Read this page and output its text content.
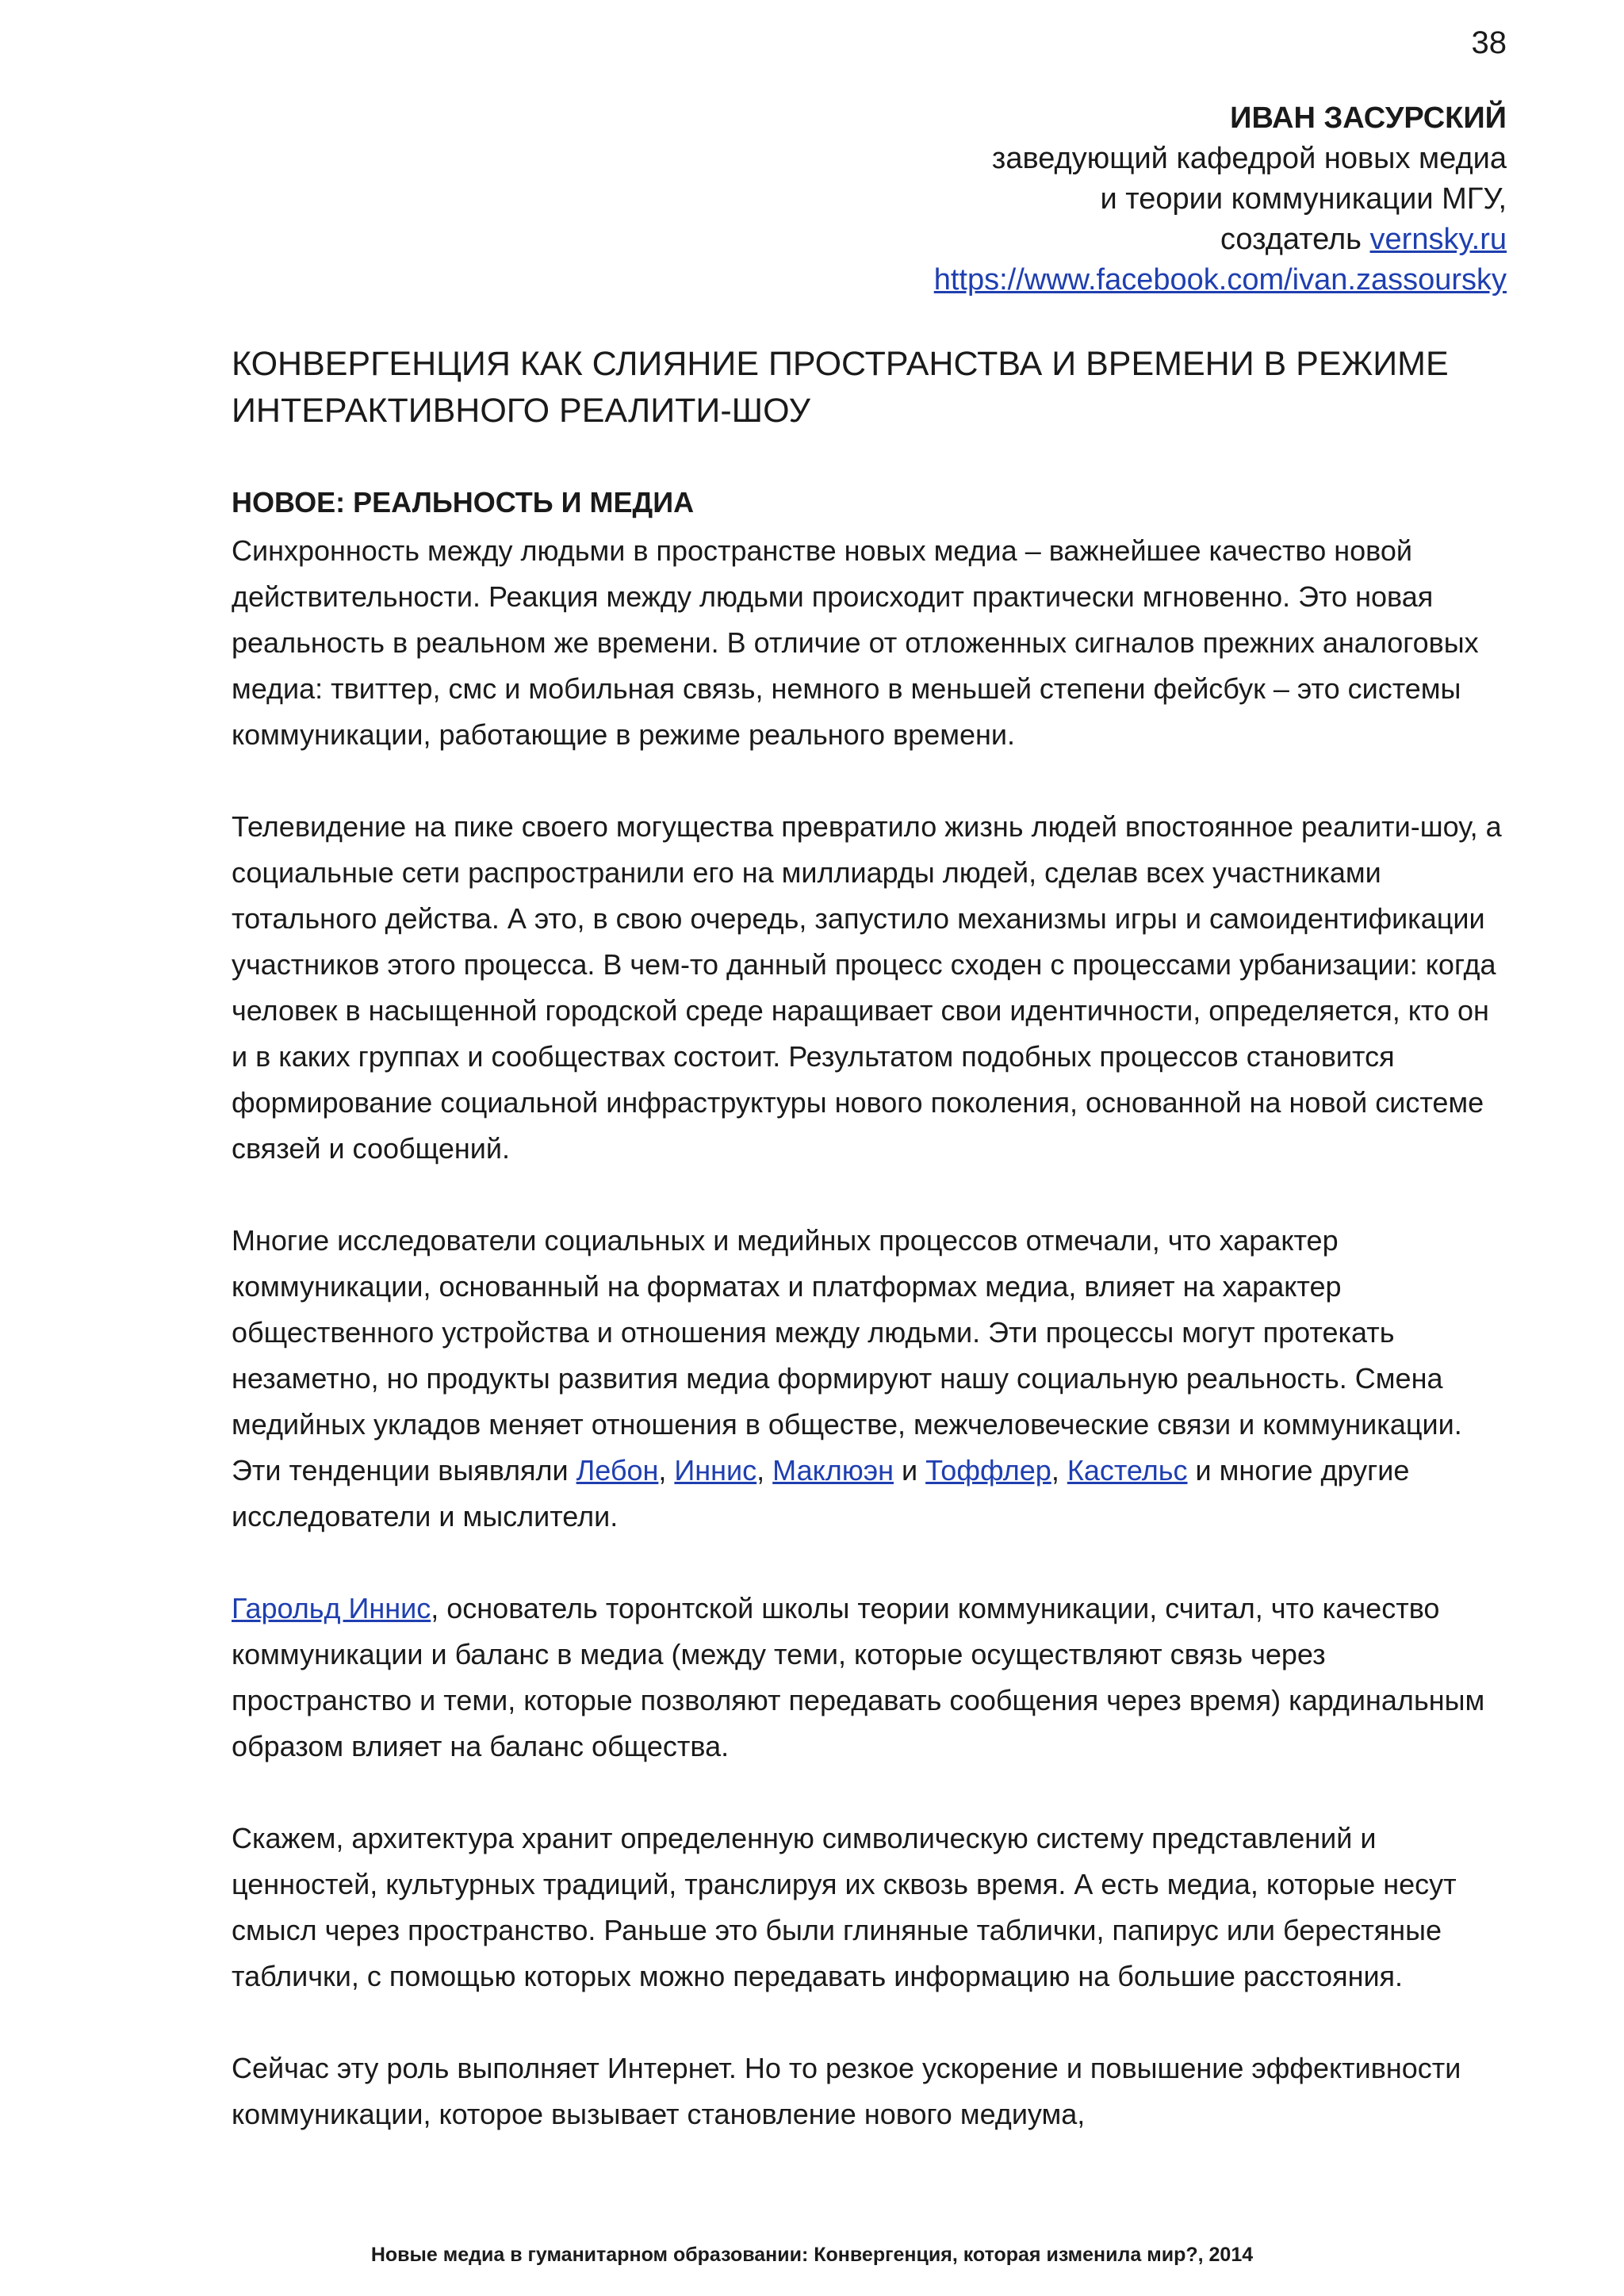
38
ИВАН ЗАСУРСКИЙ
заведующий кафедрой новых медиа
и теории коммуникации МГУ,
создатель vernsky.ru
https://www.facebook.com/ivan.zassoursky
КОНВЕРГЕНЦИЯ КАК СЛИЯНИЕ ПРОСТРАНСТВА И ВРЕМЕНИ В РЕЖИМЕ
ИНТЕРАКТИВНОГО РЕАЛИТИ-ШОУ
НОВОЕ: РЕАЛЬНОСТЬ И МЕДИА

Синхронность между людьми в пространстве новых медиа – важнейшее качество новой действительности. Реакция между людьми происходит практически мгновенно. Это новая реальность в реальном же времени. В отличие от отложенных сигналов прежних аналоговых медиа: твиттер, смс и мобильная связь, немного в меньшей степени фейсбук – это системы коммуникации, работающие в режиме реального времени.

Телевидение на пике своего могущества превратило жизнь людей впостоянное реалити-шоу, а социальные сети распространили его на миллиарды людей, сделав всех участниками тотального действа. А это, в свою очередь, запустило механизмы игры и самоидентификации участников этого процесса. В чем-то данный процесс сходен с процессами урбанизации: когда человек в насыщенной городской среде наращивает свои идентичности, определяется, кто он и в каких группах и сообществах состоит. Результатом подобных процессов становится формирование социальной инфраструктуры нового поколения, основанной на новой системе связей и сообщений.

Многие исследователи социальных и медийных процессов отмечали, что характер коммуникации, основанный на форматах и платформах медиа, влияет на характер общественного устройства и отношения между людьми. Эти процессы могут протекать незаметно, но продукты развития медиа формируют нашу социальную реальность. Смена медийных укладов меняет отношения в обществе, межчеловеческие связи и коммуникации. Эти тенденции выявляли Лебон, Иннис, Маклюэн и Тоффлер, Кастельс и многие другие исследователи и мыслители.

Гарольд Иннис, основатель торонтской школы теории коммуникации, считал, что качество коммуникации и баланс в медиа (между теми, которые осуществляют связь через пространство и теми, которые позволяют передавать сообщения через время) кардинальным образом влияет на баланс общества.

Скажем, архитектура хранит определенную символическую систему представлений и ценностей, культурных традиций, транслируя их сквозь время. А есть медиа, которые несут смысл через пространство. Раньше это были глиняные таблички, папирус или берестяные таблички, с помощью которых можно передавать информацию на большие расстояния.

Сейчас эту роль выполняет Интернет. Но то резкое ускорение и повышение эффективности коммуникации, которое вызывает становление нового медиума,

Новые медиа в гуманитарном образовании: Конвергенция, которая изменила мир?, 2014
